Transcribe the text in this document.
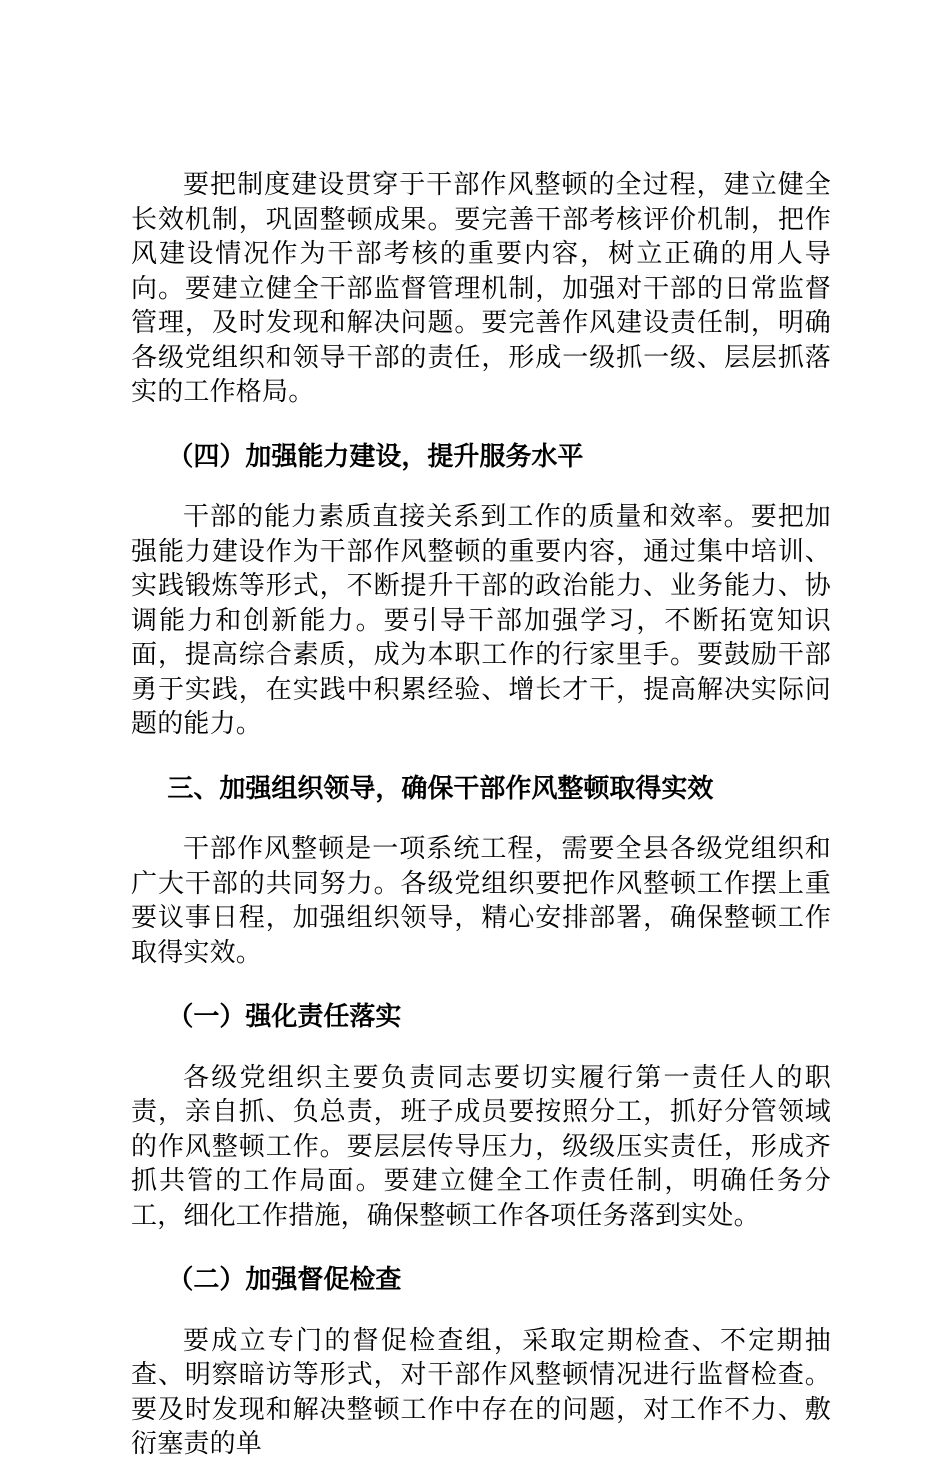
要把制度建设贯穿于干部作风整顿的全过程，建立健全长效机制，巩固整顿成果。要完善干部考核评价机制，把作风建设情况作为干部考核的重要内容，树立正确的用人导向。要建立健全干部监督管理机制，加强对干部的日常监督管理，及时发现和解决问题。要完善作风建设责任制，明确各级党组织和领导干部的责任，形成一级抓一级、层层抓落实的工作格局。

（四）加强能力建设，提升服务水平

干部的能力素质直接关系到工作的质量和效率。要把加强能力建设作为干部作风整顿的重要内容，通过集中培训、实践锻炼等形式，不断提升干部的政治能力、业务能力、协调能力和创新能力。要引导干部加强学习，不断拓宽知识面，提高综合素质，成为本职工作的行家里手。要鼓励干部勇于实践，在实践中积累经验、增长才干，提高解决实际问题的能力。

三、加强组织领导，确保干部作风整顿取得实效

干部作风整顿是一项系统工程，需要全县各级党组织和广大干部的共同努力。各级党组织要把作风整顿工作摆上重要议事日程，加强组织领导，精心安排部署，确保整顿工作取得实效。

（一）强化责任落实

各级党组织主要负责同志要切实履行第一责任人的职责，亲自抓、负总责，班子成员要按照分工，抓好分管领域的作风整顿工作。要层层传导压力，级级压实责任，形成齐抓共管的工作局面。要建立健全工作责任制，明确任务分工，细化工作措施，确保整顿工作各项任务落到实处。

（二）加强督促检查

要成立专门的督促检查组，采取定期检查、不定期抽查、明察暗访等形式，对干部作风整顿情况进行监督检查。要及时发现和解决整顿工作中存在的问题，对工作不力、敷衍塞责的单
